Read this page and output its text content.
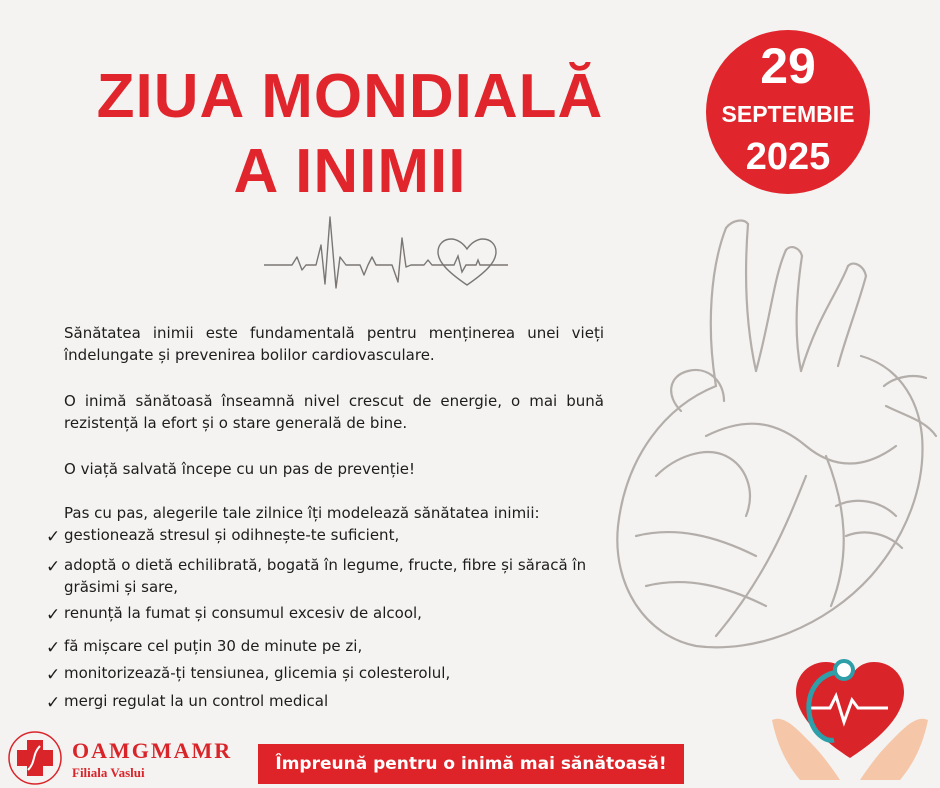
ZIUA MONDIALĂ
A INIMII
29
SEPTEMBIE
2025
Sănătatea inimii este fundamentală pentru menținerea unei vieți îndelungate și prevenirea bolilor cardiovasculare.
O inimă sănătoasă înseamnă nivel crescut de energie, o mai bună rezistență la efort și o stare generală de bine.
O viață salvată începe cu un pas de prevenție!
Pas cu pas, alegerile tale zilnice îți modelează sănătatea inimii:
✓ gestionează stresul și odihnește-te suficient,
✓ adoptă o dietă echilibrată, bogată în legume, fructe, fibre și săracă în grăsimi și sare,
✓ renunță la fumat și consumul excesiv de alcool,
✓ fă mișcare cel puțin 30 de minute pe zi,
✓ monitorizează-ți tensiunea, glicemia și colesterolul,
✓ mergi regulat la un control medical
OAMGMAMR
Filiala Vaslui	Împreună pentru o inimă mai sănătoasă!
